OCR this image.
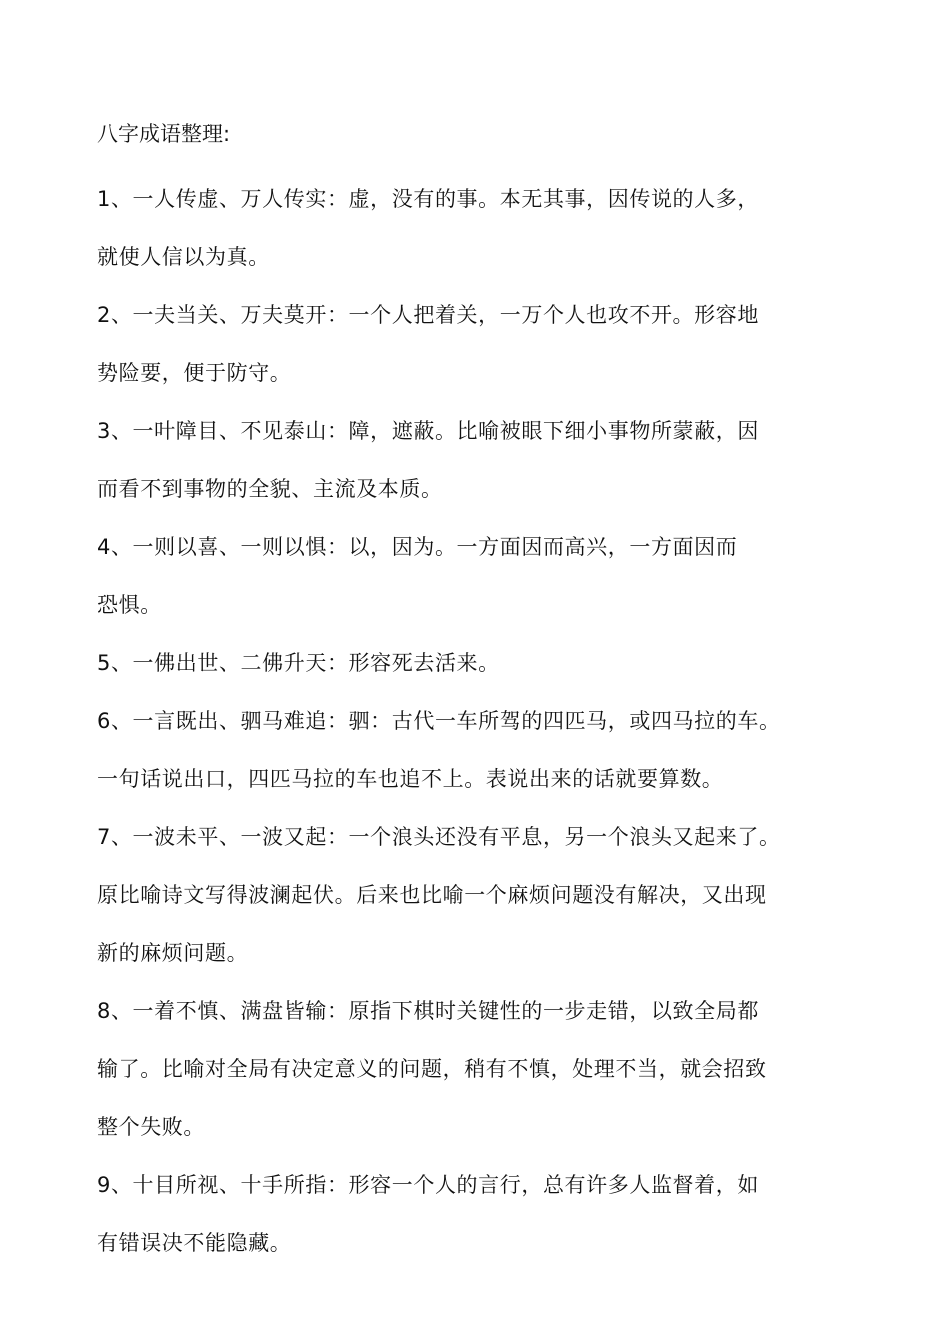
八字成语整理:
1、一人传虚、万人传实：虚，没有的事。本无其事，因传说的人多，
就使人信以为真。
2、一夫当关、万夫莫开：一个人把着关，一万个人也攻不开。形容地
势险要，便于防守。
3、一叶障目、不见泰山：障，遮蔽。比喻被眼下细小事物所蒙蔽，因
而看不到事物的全貌、主流及本质。
4、一则以喜、一则以惧：以，因为。一方面因而高兴，一方面因而
恐惧。
5、一佛出世、二佛升天：形容死去活来。
6、一言既出、驷马难追：驷：古代一车所驾的四匹马，或四马拉的车。
一句话说出口，四匹马拉的车也追不上。表说出来的话就要算数。
7、一波未平、一波又起：一个浪头还没有平息，另一个浪头又起来了。
原比喻诗文写得波澜起伏。后来也比喻一个麻烦问题没有解决，又出现
新的麻烦问题。
8、一着不慎、满盘皆输：原指下棋时关键性的一步走错，以致全局都
输了。比喻对全局有决定意义的问题，稍有不慎，处理不当，就会招致
整个失败。
9、十目所视、十手所指：形容一个人的言行，总有许多人监督着，如
有错误决不能隐藏。
